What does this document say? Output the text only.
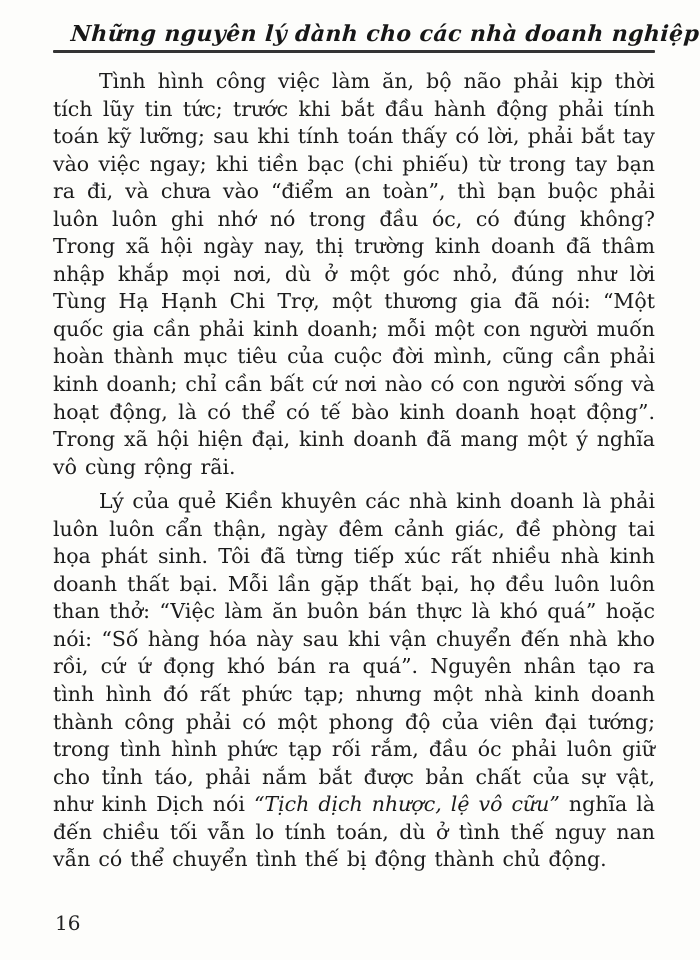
Những nguyên lý dành cho các nhà doanh nghiệp

Tình hình công việc làm ăn, bộ não phải kịp thời tích lũy tin tức; trước khi bắt đầu hành động phải tính toán kỹ lưỡng; sau khi tính toán thấy có lời, phải bắt tay vào việc ngay; khi tiền bạc (chi phiếu) từ trong tay bạn ra đi, và chưa vào “điểm an toàn”, thì bạn buộc phải luôn luôn ghi nhớ nó trong đầu óc, có đúng không? Trong xã hội ngày nay, thị trường kinh doanh đã thâm nhập khắp mọi nơi, dù ở một góc nhỏ, đúng như lời Tùng Hạ Hạnh Chi Trợ, một thương gia đã nói: “Một quốc gia cần phải kinh doanh; mỗi một con người muốn hoàn thành mục tiêu của cuộc đời mình, cũng cần phải kinh doanh; chỉ cần bất cứ nơi nào có con người sống và hoạt động, là có thể có tế bào kinh doanh hoạt động”. Trong xã hội hiện đại, kinh doanh đã mang một ý nghĩa vô cùng rộng rãi.

Lý của quẻ Kiền khuyên các nhà kinh doanh là phải luôn luôn cẩn thận, ngày đêm cảnh giác, đề phòng tai họa phát sinh. Tôi đã từng tiếp xúc rất nhiều nhà kinh doanh thất bại. Mỗi lần gặp thất bại, họ đều luôn luôn than thở: “Việc làm ăn buôn bán thực là khó quá” hoặc nói: “Số hàng hóa này sau khi vận chuyển đến nhà kho rồi, cứ ứ đọng khó bán ra quá”. Nguyên nhân tạo ra tình hình đó rất phức tạp; nhưng một nhà kinh doanh thành công phải có một phong độ của viên đại tướng; trong tình hình phức tạp rối rắm, đầu óc phải luôn giữ cho tỉnh táo, phải nắm bắt được bản chất của sự vật, như kinh Dịch nói “Tịch dịch nhược, lệ vô cữu” nghĩa là đến chiều tối vẫn lo tính toán, dù ở tình thế nguy nan vẫn có thể chuyển tình thế bị động thành chủ động.

16
